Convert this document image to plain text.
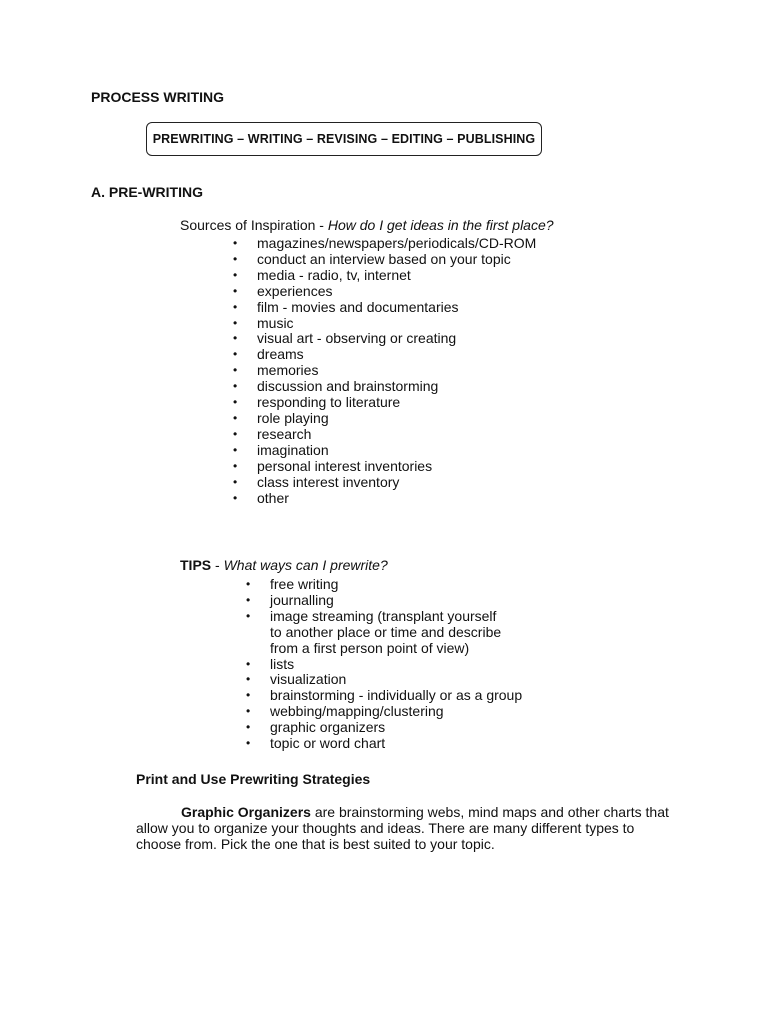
PROCESS WRITING
PREWRITING – WRITING – REVISING – EDITING – PUBLISHING
A. PRE-WRITING
Sources of Inspiration - How do I get ideas in the first place?
• magazines/newspapers/periodicals/CD-ROM
• conduct an interview based on your topic
• media - radio, tv, internet
• experiences
• film - movies and documentaries
• music
• visual art - observing or creating
• dreams
• memories
• discussion and brainstorming
• responding to literature
• role playing
• research
• imagination
• personal interest inventories
• class interest inventory
• other
TIPS - What ways can I prewrite?
• free writing
• journalling
• image streaming (transplant yourself
to another place or time and describe
from a first person point of view)
• lists
• visualization
• brainstorming - individually or as a group
• webbing/mapping/clustering
• graphic organizers
• topic or word chart
Print and Use Prewriting Strategies
Graphic Organizers are brainstorming webs, mind maps and other charts that allow you to organize your thoughts and ideas. There are many different types to choose from. Pick the one that is best suited to your topic.
